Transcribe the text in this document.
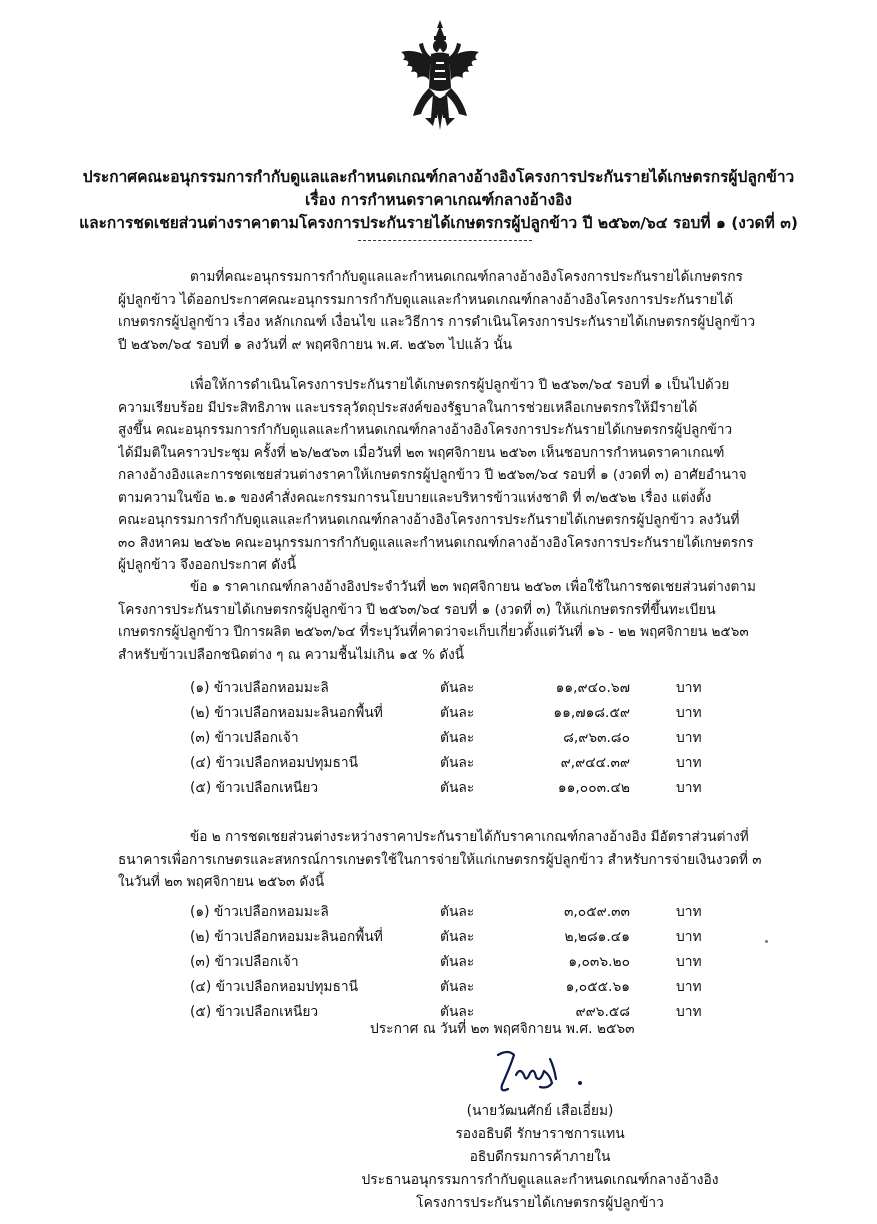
ประกาศคณะอนุกรรมการกำกับดูแลและกำหนดเกณฑ์กลางอ้างอิงโครงการประกันรายได้เกษตรกรผู้ปลูกข้าว
เรื่อง การกำหนดราคาเกณฑ์กลางอ้างอิง
และการชดเชยส่วนต่างราคาตามโครงการประกันรายได้เกษตรกรผู้ปลูกข้าว ปี ๒๕๖๓/๖๔ รอบที่ ๑ (งวดที่ ๓)
ตามที่คณะอนุกรรมการกำกับดูแลและกำหนดเกณฑ์กลางอ้างอิงโครงการประกันรายได้เกษตรกร
ผู้ปลูกข้าว ได้ออกประกาศคณะอนุกรรมการกำกับดูแลและกำหนดเกณฑ์กลางอ้างอิงโครงการประกันรายได้
เกษตรกรผู้ปลูกข้าว เรื่อง หลักเกณฑ์ เงื่อนไข และวิธีการ การดำเนินโครงการประกันรายได้เกษตรกรผู้ปลูกข้าว
ปี ๒๕๖๓/๖๔ รอบที่ ๑ ลงวันที่ ๙ พฤศจิกายน พ.ศ. ๒๕๖๓ ไปแล้ว นั้น
เพื่อให้การดำเนินโครงการประกันรายได้เกษตรกรผู้ปลูกข้าว ปี ๒๕๖๓/๖๔ รอบที่ ๑ เป็นไปด้วย
ความเรียบร้อย มีประสิทธิภาพ และบรรลุวัตถุประสงค์ของรัฐบาลในการช่วยเหลือเกษตรกรให้มีรายได้
สูงขึ้น คณะอนุกรรมการกำกับดูแลและกำหนดเกณฑ์กลางอ้างอิงโครงการประกันรายได้เกษตรกรผู้ปลูกข้าว
ได้มีมติในคราวประชุม ครั้งที่ ๒๖/๒๕๖๓ เมื่อวันที่ ๒๓ พฤศจิกายน ๒๕๖๓ เห็นชอบการกำหนดราคาเกณฑ์
กลางอ้างอิงและการชดเชยส่วนต่างราคาให้เกษตรกรผู้ปลูกข้าว ปี ๒๕๖๓/๖๔ รอบที่ ๑ (งวดที่ ๓) อาศัยอำนาจ
ตามความในข้อ ๒.๑ ของคำสั่งคณะกรรมการนโยบายและบริหารข้าวแห่งชาติ ที่ ๓/๒๕๖๒ เรื่อง แต่งตั้ง
คณะอนุกรรมการกำกับดูแลและกำหนดเกณฑ์กลางอ้างอิงโครงการประกันรายได้เกษตรกรผู้ปลูกข้าว ลงวันที่
๓๐ สิงหาคม ๒๕๖๒ คณะอนุกรรมการกำกับดูแลและกำหนดเกณฑ์กลางอ้างอิงโครงการประกันรายได้เกษตรกร
ผู้ปลูกข้าว จึงออกประกาศ ดังนี้
ข้อ ๑ ราคาเกณฑ์กลางอ้างอิงประจำวันที่ ๒๓ พฤศจิกายน ๒๕๖๓ เพื่อใช้ในการชดเชยส่วนต่างตาม
โครงการประกันรายได้เกษตรกรผู้ปลูกข้าว ปี ๒๕๖๓/๖๔ รอบที่ ๑ (งวดที่ ๓) ให้แก่เกษตรกรที่ขึ้นทะเบียน
เกษตรกรผู้ปลูกข้าว ปีการผลิต ๒๕๖๓/๖๔ ที่ระบุวันที่คาดว่าจะเก็บเกี่ยวตั้งแต่วันที่ ๑๖ - ๒๒ พฤศจิกายน ๒๕๖๓
สำหรับข้าวเปลือกชนิดต่าง ๆ ณ ความชื้นไม่เกิน ๑๕ % ดังนี้
(๑) ข้าวเปลือกหอมมะลิ	ตันละ	๑๑,๙๔๐.๖๗	บาท
(๒) ข้าวเปลือกหอมมะลินอกพื้นที่	ตันละ	๑๑,๗๑๘.๕๙	บาท
(๓) ข้าวเปลือกเจ้า	ตันละ	๘,๙๖๓.๘๐	บาท
(๔) ข้าวเปลือกหอมปทุมธานี	ตันละ	๙,๙๔๔.๓๙	บาท
(๕) ข้าวเปลือกเหนียว	ตันละ	๑๑,๐๐๓.๔๒	บาท
ข้อ ๒ การชดเชยส่วนต่างระหว่างราคาประกันรายได้กับราคาเกณฑ์กลางอ้างอิง มีอัตราส่วนต่างที่
ธนาคารเพื่อการเกษตรและสหกรณ์การเกษตรใช้ในการจ่ายให้แก่เกษตรกรผู้ปลูกข้าว สำหรับการจ่ายเงินงวดที่ ๓
ในวันที่ ๒๓ พฤศจิกายน ๒๕๖๓ ดังนี้
(๑) ข้าวเปลือกหอมมะลิ	ตันละ	๓,๐๕๙.๓๓	บาท
(๒) ข้าวเปลือกหอมมะลินอกพื้นที่	ตันละ	๒,๒๘๑.๔๑	บาท
(๓) ข้าวเปลือกเจ้า	ตันละ	๑,๐๓๖.๒๐	บาท
(๔) ข้าวเปลือกหอมปทุมธานี	ตันละ	๑,๐๕๕.๖๑	บาท
(๕) ข้าวเปลือกเหนียว	ตันละ	๙๙๖.๕๘	บาท
ประกาศ ณ วันที่ ๒๓ พฤศจิกายน พ.ศ. ๒๕๖๓
(นายวัฒนศักย์ เสือเอี่ยม)
รองอธิบดี รักษาราชการแทน
อธิบดีกรมการค้าภายใน
ประธานอนุกรรมการกำกับดูแลและกำหนดเกณฑ์กลางอ้างอิง
โครงการประกันรายได้เกษตรกรผู้ปลูกข้าว
